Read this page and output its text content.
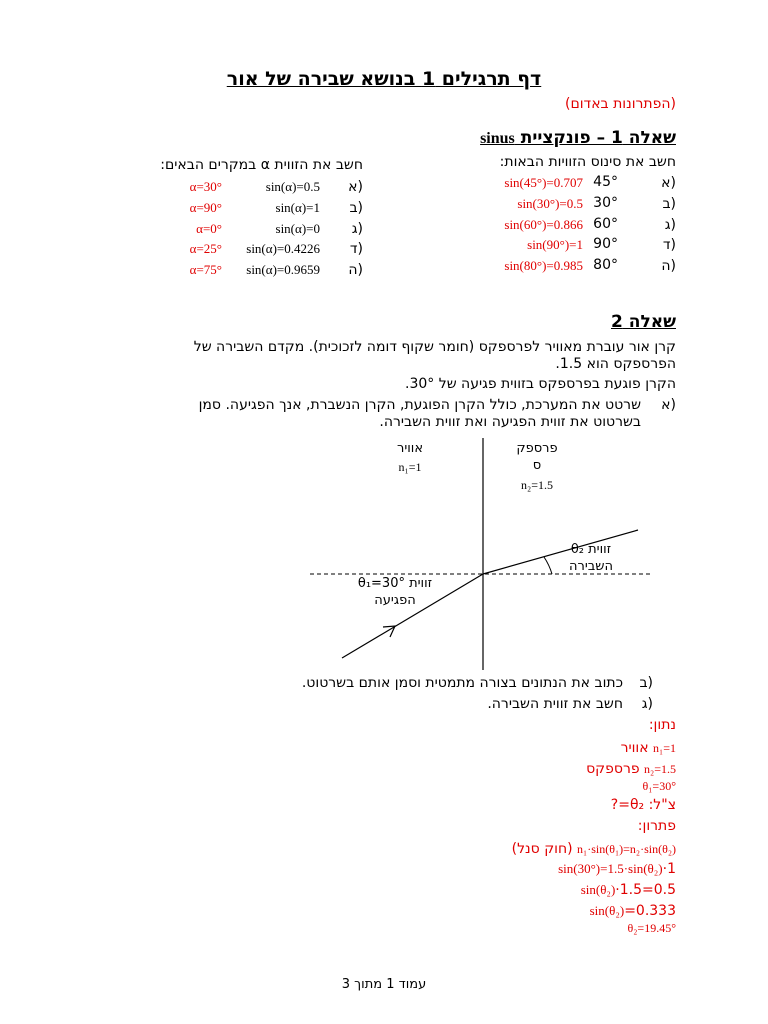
דף תרגילים 1 בנושא שבירה של אור
(הפתרונות באדום)
שאלה 1 – פונקציית sinus
חשב את סינוס הזוויות הבאות:
א)
45°
sin(45°)=0.707
ב)
30°
sin(30°)=0.5
ג)
60°
sin(60°)=0.866
ד)
90°
sin(90°)=1
ה)
80°
sin(80°)=0.985
חשב את הזווית α במקרים הבאים:
א)
sin(α)=0.5
α=30°
ב)
sin(α)=1
α=90°
ג)
sin(α)=0
α=0°
ד)
sin(α)=0.4226
α=25°
ה)
sin(α)=0.9659
α=75°
שאלה 2
קרן אור עוברת מאוויר לפרספקס (חומר שקוף דומה לזכוכית). מקדם השבירה של
הפרספקס הוא 1.5.
הקרן פוגעת בפרספקס בזווית פגיעה של 30°.
א)
שרטט את המערכת, כולל הקרן הפוגעת, הקרן הנשברת, אנך הפגיעה. סמן
בשרטוט את זווית הפגיעה ואת זווית השבירה.
אוויר
n₁=1
פרספק
ס
n₂=1.5
θ₂ זווית
השבירה
θ₁=30° זווית
הפגיעה
ב)
כתוב את הנתונים בצורה מתמטית וסמן אותם בשרטוט.
ג)
חשב את זווית השבירה.
נתון:
n₁=1 אוויר
n₂=1.5 פרספקס
θ₁=30°
צ"ל: θ₂=?
פתרון:
n₁·sin(θ₁)=n₂·sin(θ₂) (חוק סנל)
sin(30°)=1.5·sin(θ₂)·1
sin(θ₂)·1.5=0.5
sin(θ₂)=0.333
θ₂=19.45°
עמוד 1 מתוך 3
